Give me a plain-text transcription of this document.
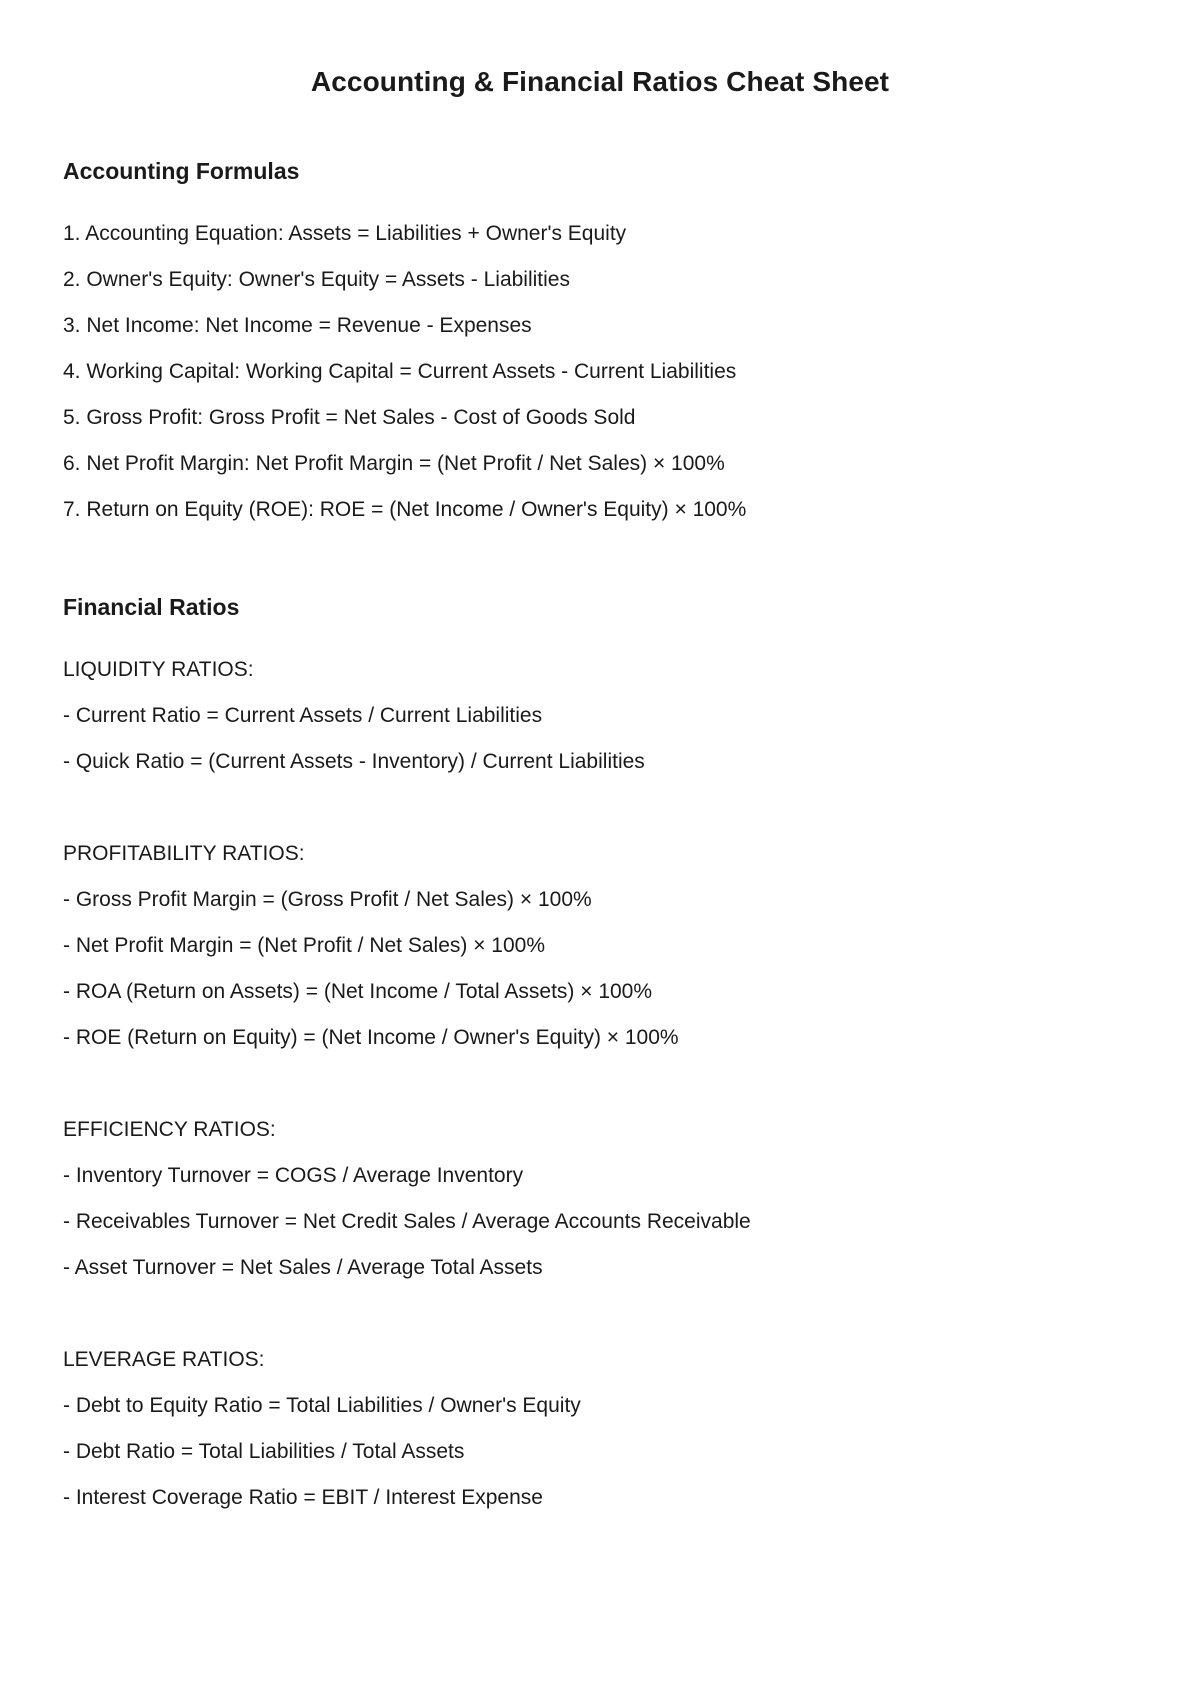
Accounting & Financial Ratios Cheat Sheet
Accounting Formulas
1. Accounting Equation: Assets = Liabilities + Owner's Equity
2. Owner's Equity: Owner's Equity = Assets - Liabilities
3. Net Income: Net Income = Revenue - Expenses
4. Working Capital: Working Capital = Current Assets - Current Liabilities
5. Gross Profit: Gross Profit = Net Sales - Cost of Goods Sold
6. Net Profit Margin: Net Profit Margin = (Net Profit / Net Sales) × 100%
7. Return on Equity (ROE): ROE = (Net Income / Owner's Equity) × 100%
Financial Ratios
LIQUIDITY RATIOS:
- Current Ratio = Current Assets / Current Liabilities
- Quick Ratio = (Current Assets - Inventory) / Current Liabilities
PROFITABILITY RATIOS:
- Gross Profit Margin = (Gross Profit / Net Sales) × 100%
- Net Profit Margin = (Net Profit / Net Sales) × 100%
- ROA (Return on Assets) = (Net Income / Total Assets) × 100%
- ROE (Return on Equity) = (Net Income / Owner's Equity) × 100%
EFFICIENCY RATIOS:
- Inventory Turnover = COGS / Average Inventory
- Receivables Turnover = Net Credit Sales / Average Accounts Receivable
- Asset Turnover = Net Sales / Average Total Assets
LEVERAGE RATIOS:
- Debt to Equity Ratio = Total Liabilities / Owner's Equity
- Debt Ratio = Total Liabilities / Total Assets
- Interest Coverage Ratio = EBIT / Interest Expense
